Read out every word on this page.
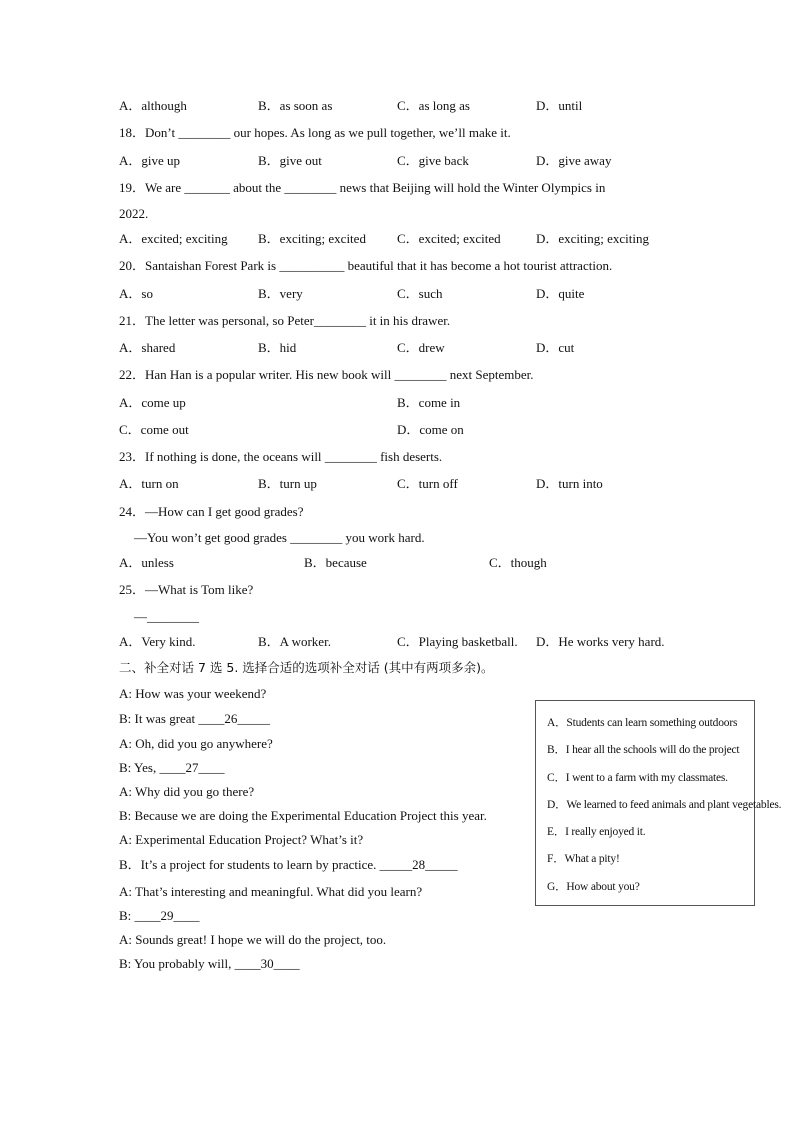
A．although	B．as soon as	C．as long as	D．until
18．Don’t ________ our hopes. As long as we pull together, we’ll make it.
A．give up	B．give out	C．give back	D．give away
19．We are _______ about the ________ news that Beijing will hold the Winter Olympics in
2022.
A．excited; exciting B．exciting; excited C．excited; excited	D．exciting; exciting
20．Santaishan Forest Park is __________ beautiful that it has become a hot tourist attraction.
A．so	B．very	C．such	D．quite
21．The letter was personal, so Peter________ it in his drawer.
A．shared	B．hid	C．drew	D．cut
22．Han Han is a popular writer. His new book will ________ next September.
A．come up	B．come in
C．come out	D．come on
23．If nothing is done, the oceans will ________ fish deserts.
A．turn on	B．turn up	C．turn off	D．turn into
24．—How can I get good grades?
—You won’t get good grades ________ you work hard.
A．unless	B．because	C．though
25．—What is Tom like?
—________
A．Very kind.	B．A worker.	C．Playing basketball. D．He works very hard.
二、补全对话 7 选 5. 选择合适的选项补全对话 (其中有两项多余)。
A: How was your weekend?
B: It was great ____26_____
A: Oh, did you go anywhere?
B: Yes, ____27____
A: Why did you go there?
B: Because we are doing the Experimental Education Project this year.
A: Experimental Education Project? What’s it?
B．It’s a project for students to learn by practice. _____28_____
A: That’s interesting and meaningful. What did you learn?
B: ____29____
A: Sounds great! I hope we will do the project, too.
B: You probably will, ____30____
A．Students can learn something outdoors
B．I hear all the schools will do the project
C．I went to a farm with my classmates.
D．We learned to feed animals and plant vegetables.
E．I really enjoyed it.
F．What a pity!
G．How about you?
